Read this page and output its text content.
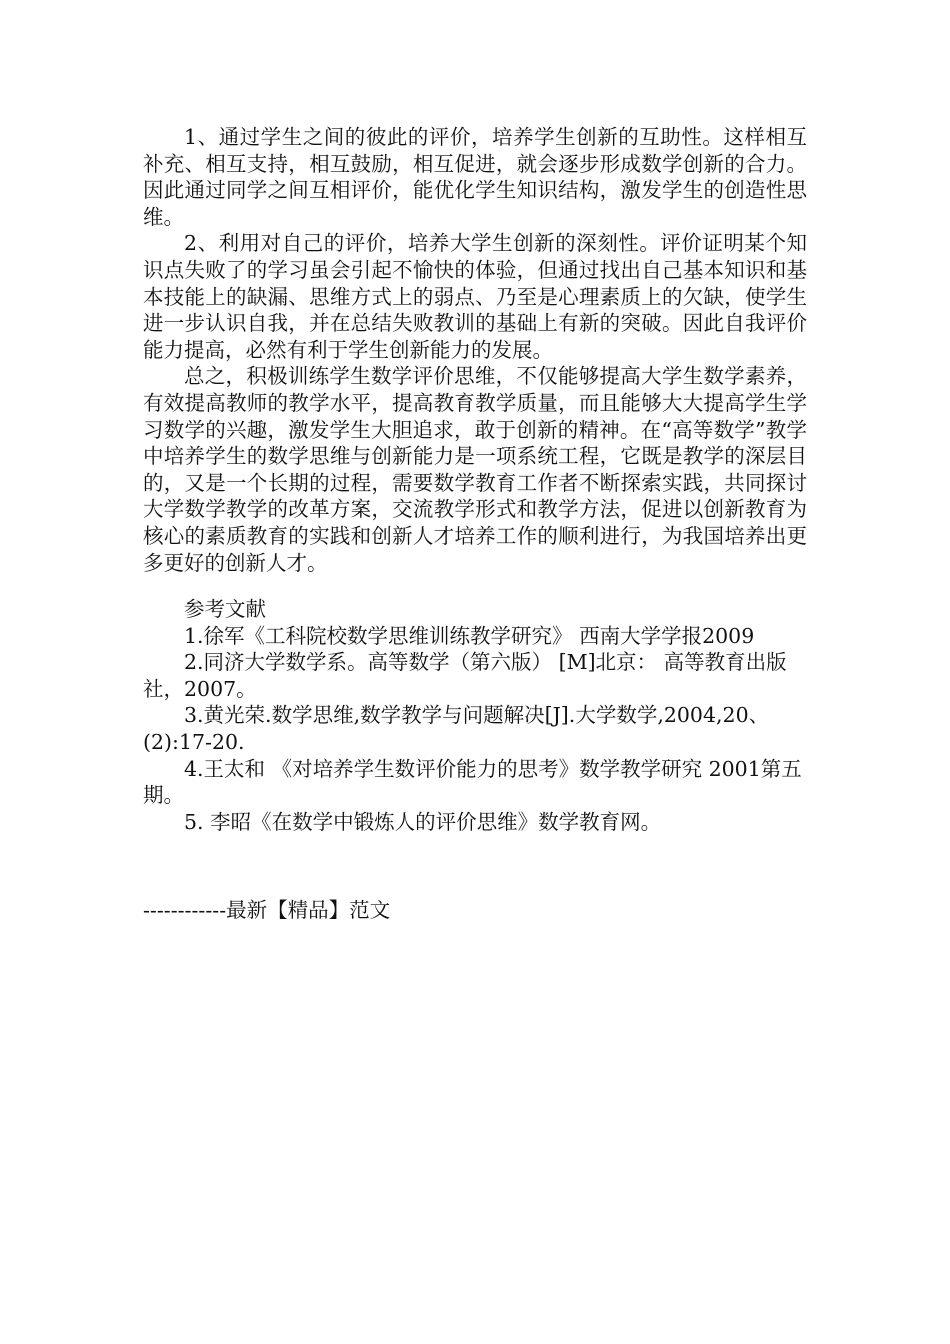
1、通过学生之间的彼此的评价，培养学生创新的互助性。这样相互补充、相互支持，相互鼓励，相互促进，就会逐步形成数学创新的合力。因此通过同学之间互相评价，能优化学生知识结构，激发学生的创造性思维。

2、利用对自己的评价，培养大学生创新的深刻性。评价证明某个知识点失败了的学习虽会引起不愉快的体验，但通过找出自己基本知识和基本技能上的缺漏、思维方式上的弱点、乃至是心理素质上的欠缺，使学生进一步认识自我，并在总结失败教训的基础上有新的突破。因此自我评价能力提高，必然有利于学生创新能力的发展。

总之，积极训练学生数学评价思维，不仅能够提高大学生数学素养，有效提高教师的教学水平，提高教育教学质量，而且能够大大提高学生学习数学的兴趣，激发学生大胆追求，敢于创新的精神。在“高等数学”教学中培养学生的数学思维与创新能力是一项系统工程，它既是教学的深层目的，又是一个长期的过程，需要数学教育工作者不断探索实践，共同探讨大学数学教学的改革方案，交流教学形式和教学方法，促进以创新教育为核心的素质教育的实践和创新人才培养工作的顺利进行，为我国培养出更多更好的创新人才。

参考文献

1.徐军《工科院校数学思维训练教学研究》 西南大学学报2009

2.同济大学数学系。高等数学（第六版） [M]北京： 高等教育出版社，2007。

3.黄光荣.数学思维,数学教学与问题解决[J].大学数学,2004,20、(2):17-20.

4.王太和 《对培养学生数评价能力的思考》数学教学研究 2001第五期。

5. 李昭《在数学中锻炼人的评价思维》数学教育网。

------------最新【精品】范文
